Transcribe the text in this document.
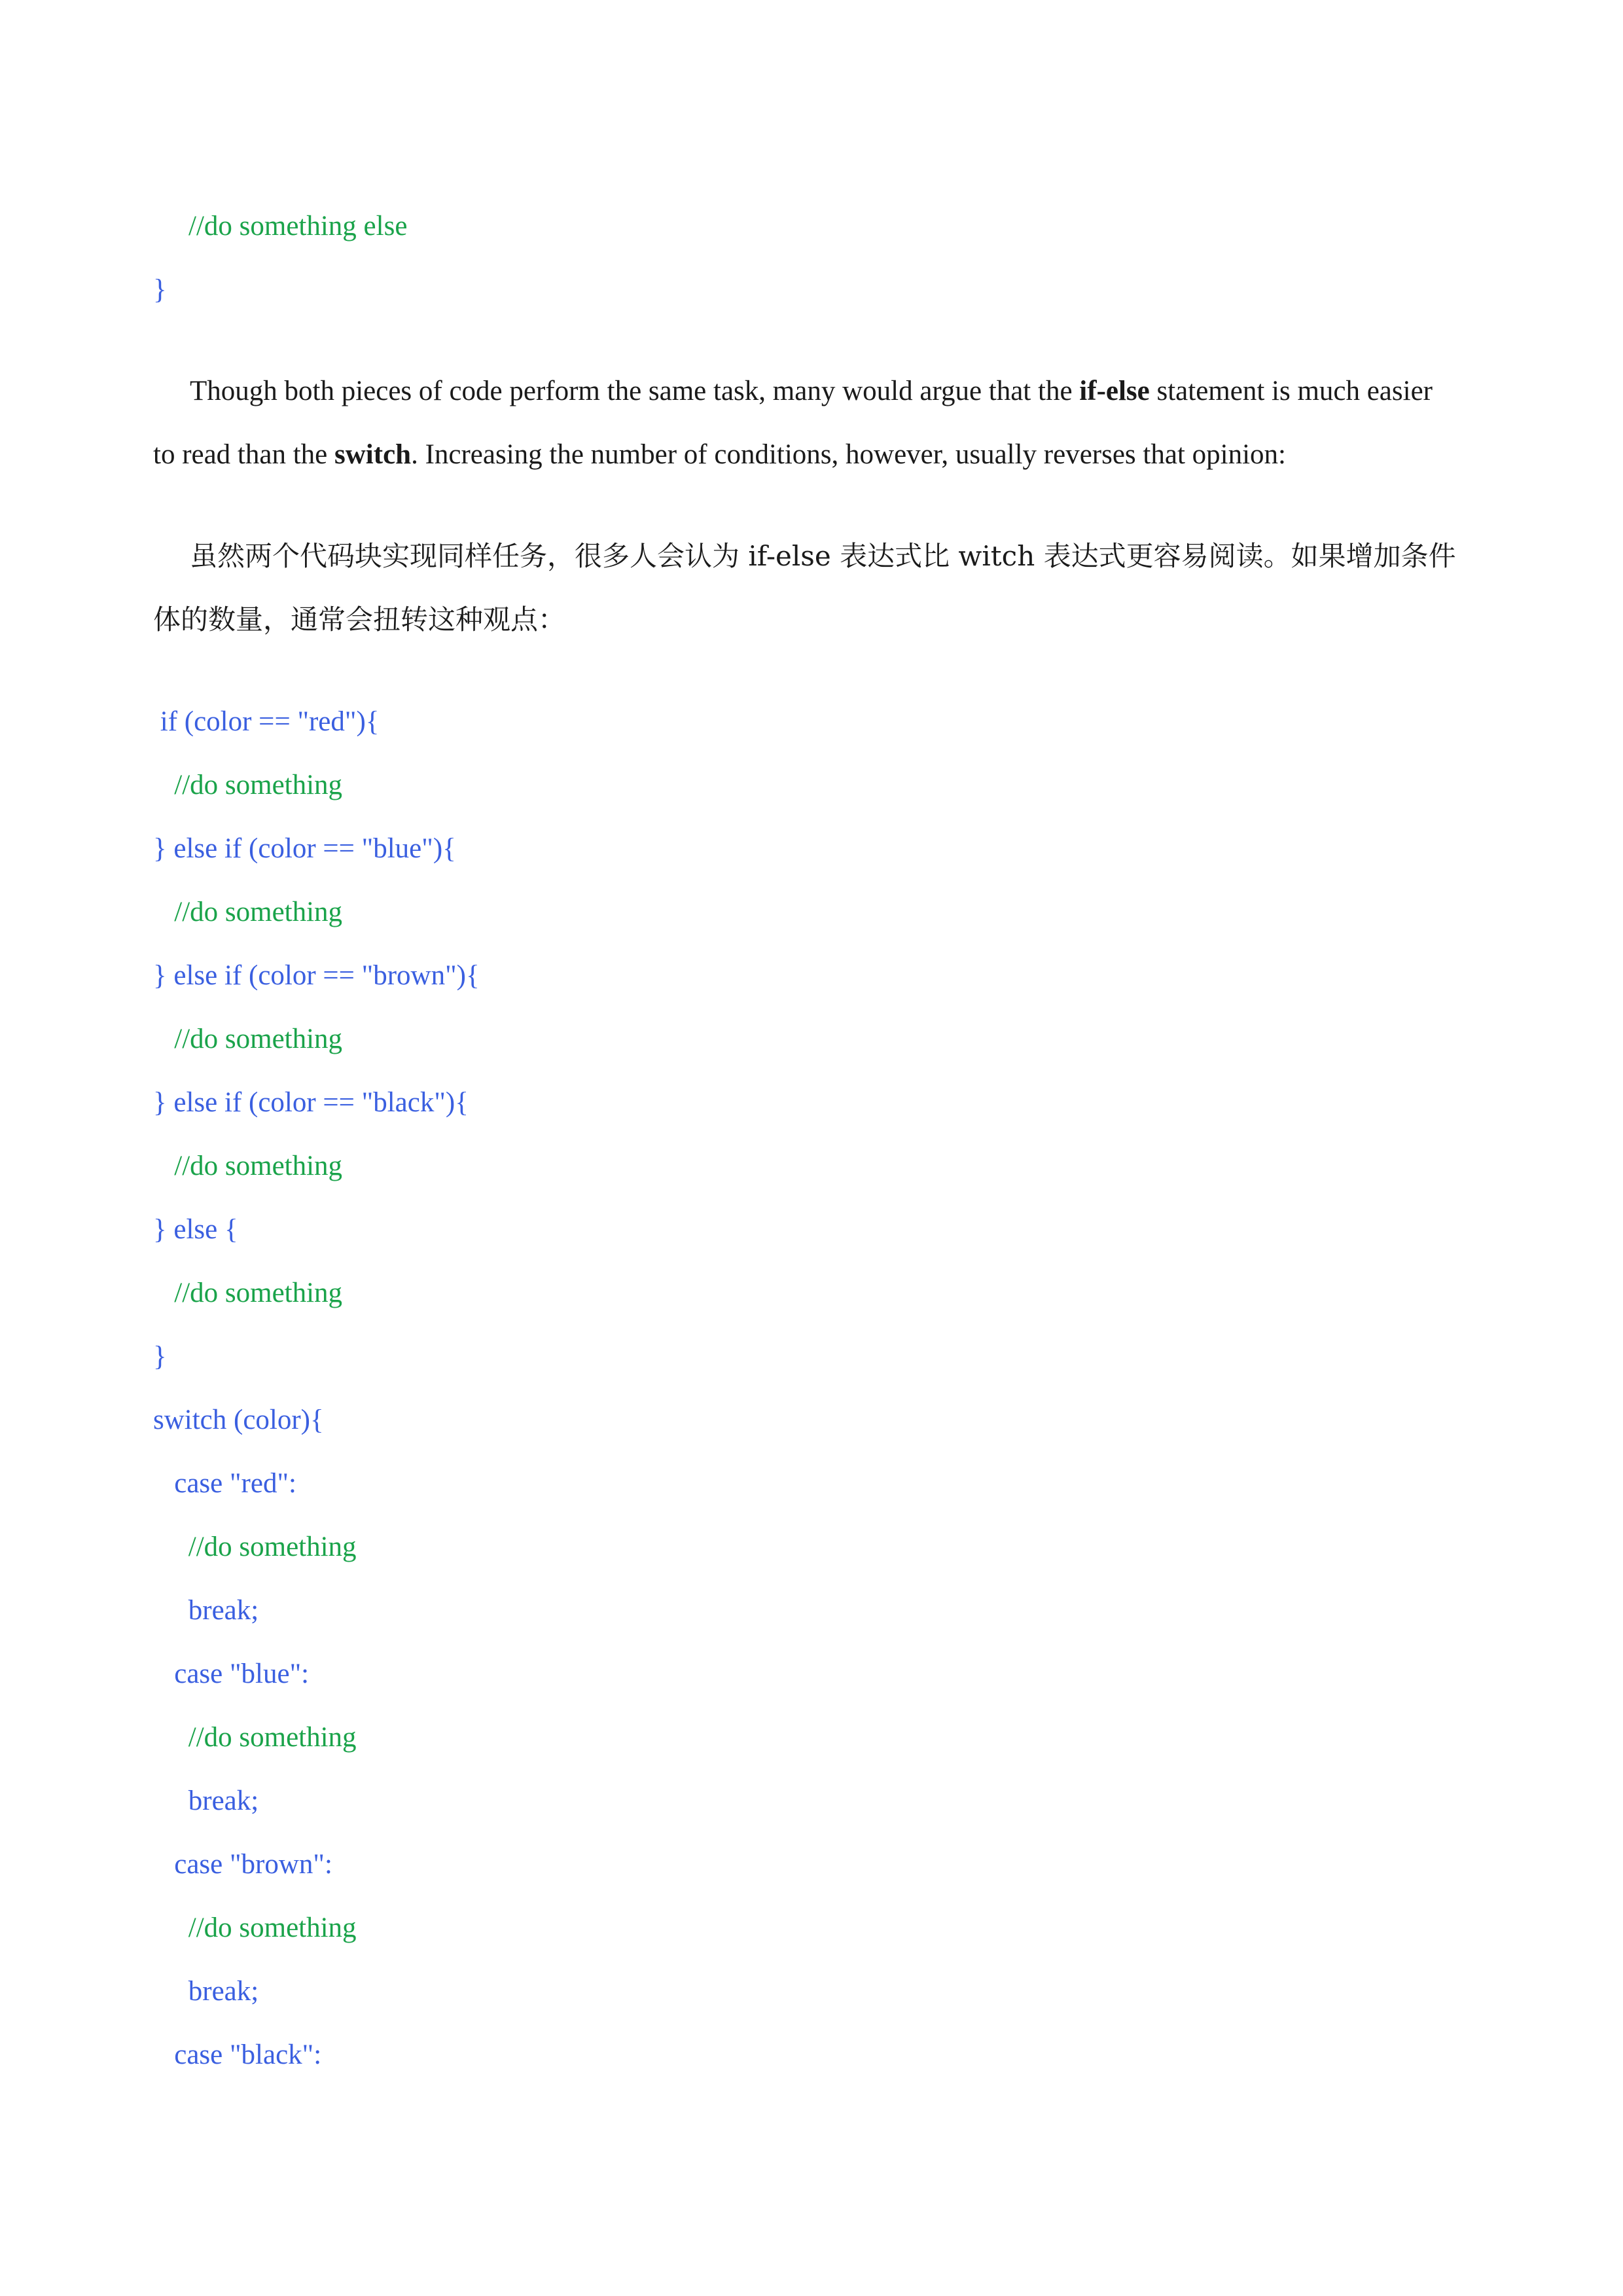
//do something else
}
Though both pieces of code perform the same task, many would argue that the if-else statement is much easier
to read than the switch. Increasing the number of conditions, however, usually reverses that opinion:
虽然两个代码块实现同样任务，很多人会认为 if-else 表达式比 witch 表达式更容易阅读。如果增加条件
体的数量，通常会扭转这种观点：
if (color == "red"){
//do something
} else if (color == "blue"){
//do something
} else if (color == "brown"){
//do something
} else if (color == "black"){
//do something
} else {
//do something
}
switch (color){
case "red":
//do something
break;
case "blue":
//do something
break;
case "brown":
//do something
break;
case "black":
